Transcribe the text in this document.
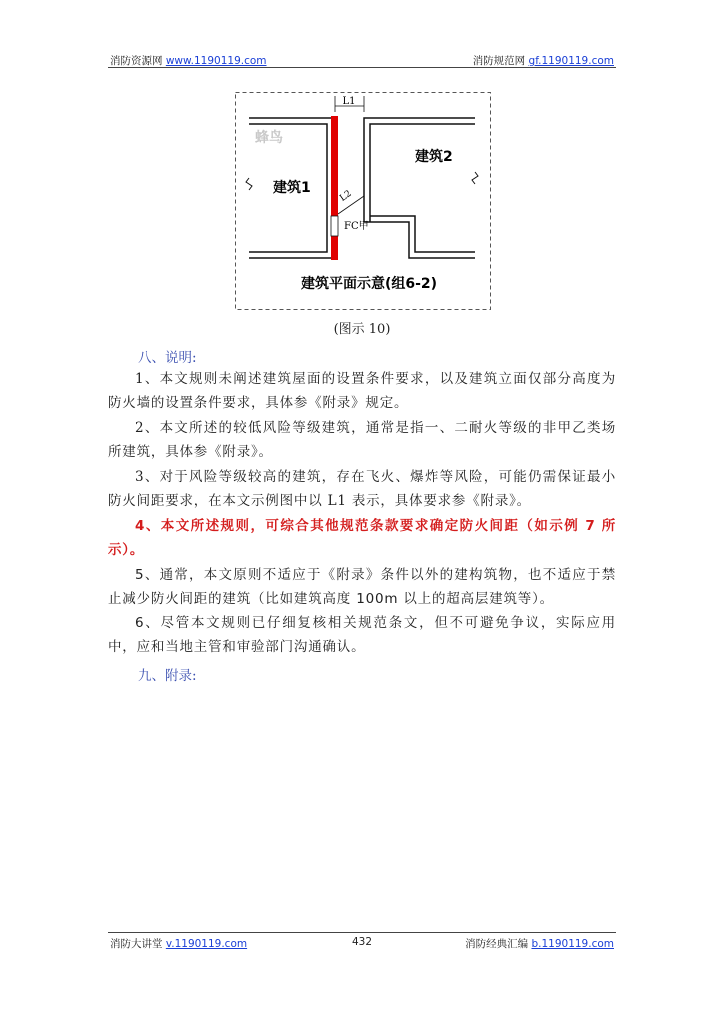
消防资源网 www.1190119.com	消防规范网 gf.1190119.com
L1
L2
FC甲
建筑1
建筑2
蜂鸟
建筑平面示意(组6-2)
(图示 10)
八、说明:
1、本文规则未阐述建筑屋面的设置条件要求，以及建筑立面仅部分高度为防火墙的设置条件要求，具体参《附录》规定。
2、本文所述的较低风险等级建筑，通常是指一、二耐火等级的非甲乙类场所建筑，具体参《附录》。
3、对于风险等级较高的建筑，存在飞火、爆炸等风险，可能仍需保证最小防火间距要求，在本文示例图中以 L1 表示，具体要求参《附录》。
4、本文所述规则，可综合其他规范条款要求确定防火间距（如示例 7 所示）。
5、通常，本文原则不适应于《附录》条件以外的建构筑物，也不适应于禁止减少防火间距的建筑（比如建筑高度 100m 以上的超高层建筑等）。
6、尽管本文规则已仔细复核相关规范条文，但不可避免争议，实际应用中，应和当地主管和审验部门沟通确认。
九、附录:
消防大讲堂 v.1190119.com	432	消防经典汇编 b.1190119.com
